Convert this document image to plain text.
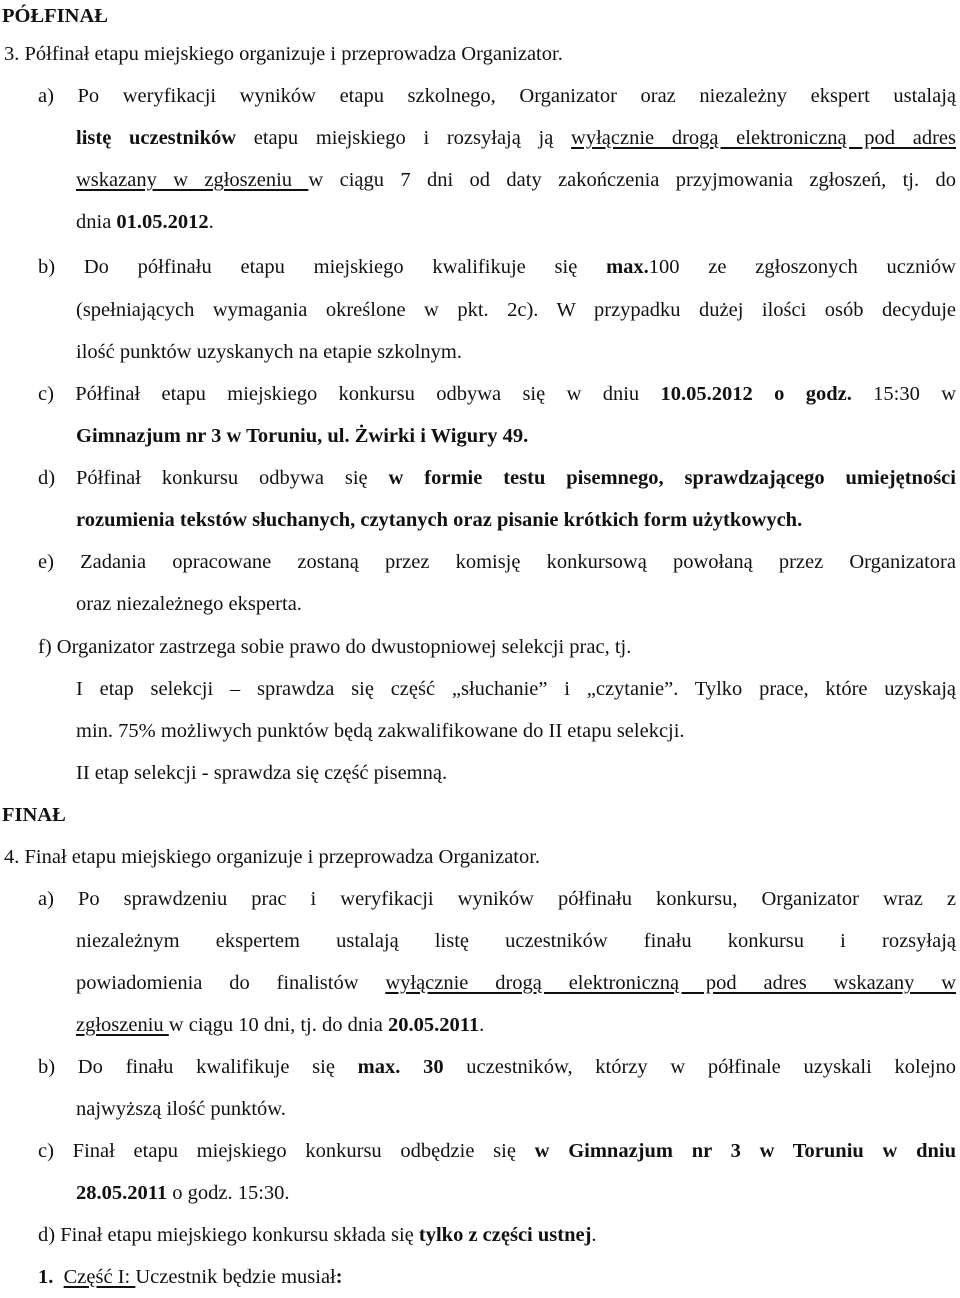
PÓŁFINAŁ
3. Półfinał etapu miejskiego organizuje i przeprowadza Organizator.
a) Po weryfikacji wyników etapu szkolnego, Organizator oraz niezależny ekspert ustalają
listę uczestników etapu miejskiego i rozsyłają ją wyłącznie drogą elektroniczną pod adres
wskazany w zgłoszeniu w ciągu 7 dni od daty zakończenia przyjmowania zgłoszeń, tj. do
dnia 01.05.2012.
b) Do półfinału etapu miejskiego kwalifikuje się max.100 ze zgłoszonych uczniów
(spełniających wymagania określone w pkt. 2c). W przypadku dużej ilości osób decyduje
ilość punktów uzyskanych na etapie szkolnym.
c) Półfinał etapu miejskiego konkursu odbywa się w dniu 10.05.2012 o godz. 15:30 w
Gimnazjum nr 3 w Toruniu, ul. Żwirki i Wigury 49.
d) Półfinał konkursu odbywa się w formie testu pisemnego, sprawdzającego umiejętności
rozumienia tekstów słuchanych, czytanych oraz pisanie krótkich form użytkowych.
e) Zadania opracowane zostaną przez komisję konkursową powołaną przez Organizatora
oraz niezależnego eksperta.
f) Organizator zastrzega sobie prawo do dwustopniowej selekcji prac, tj.
I etap selekcji – sprawdza się część „słuchanie” i „czytanie”. Tylko prace, które uzyskają
min. 75% możliwych punktów będą zakwalifikowane do II etapu selekcji.
II etap selekcji - sprawdza się część pisemną.
FINAŁ
4. Finał etapu miejskiego organizuje i przeprowadza Organizator.
a) Po sprawdzeniu prac i weryfikacji wyników półfinału konkursu, Organizator wraz z
niezależnym ekspertem ustalają listę uczestników finału konkursu i rozsyłają
powiadomienia do finalistów wyłącznie drogą elektroniczną pod adres wskazany w
zgłoszeniu w ciągu 10 dni, tj. do dnia 20.05.2011.
b) Do finału kwalifikuje się max. 30 uczestników, którzy w półfinale uzyskali kolejno
najwyższą ilość punktów.
c) Finał etapu miejskiego konkursu odbędzie się w Gimnazjum nr 3 w Toruniu w dniu
28.05.2011 o godz. 15:30.
d) Finał etapu miejskiego konkursu składa się tylko z części ustnej.
1. Część I: Uczestnik będzie musiał:
